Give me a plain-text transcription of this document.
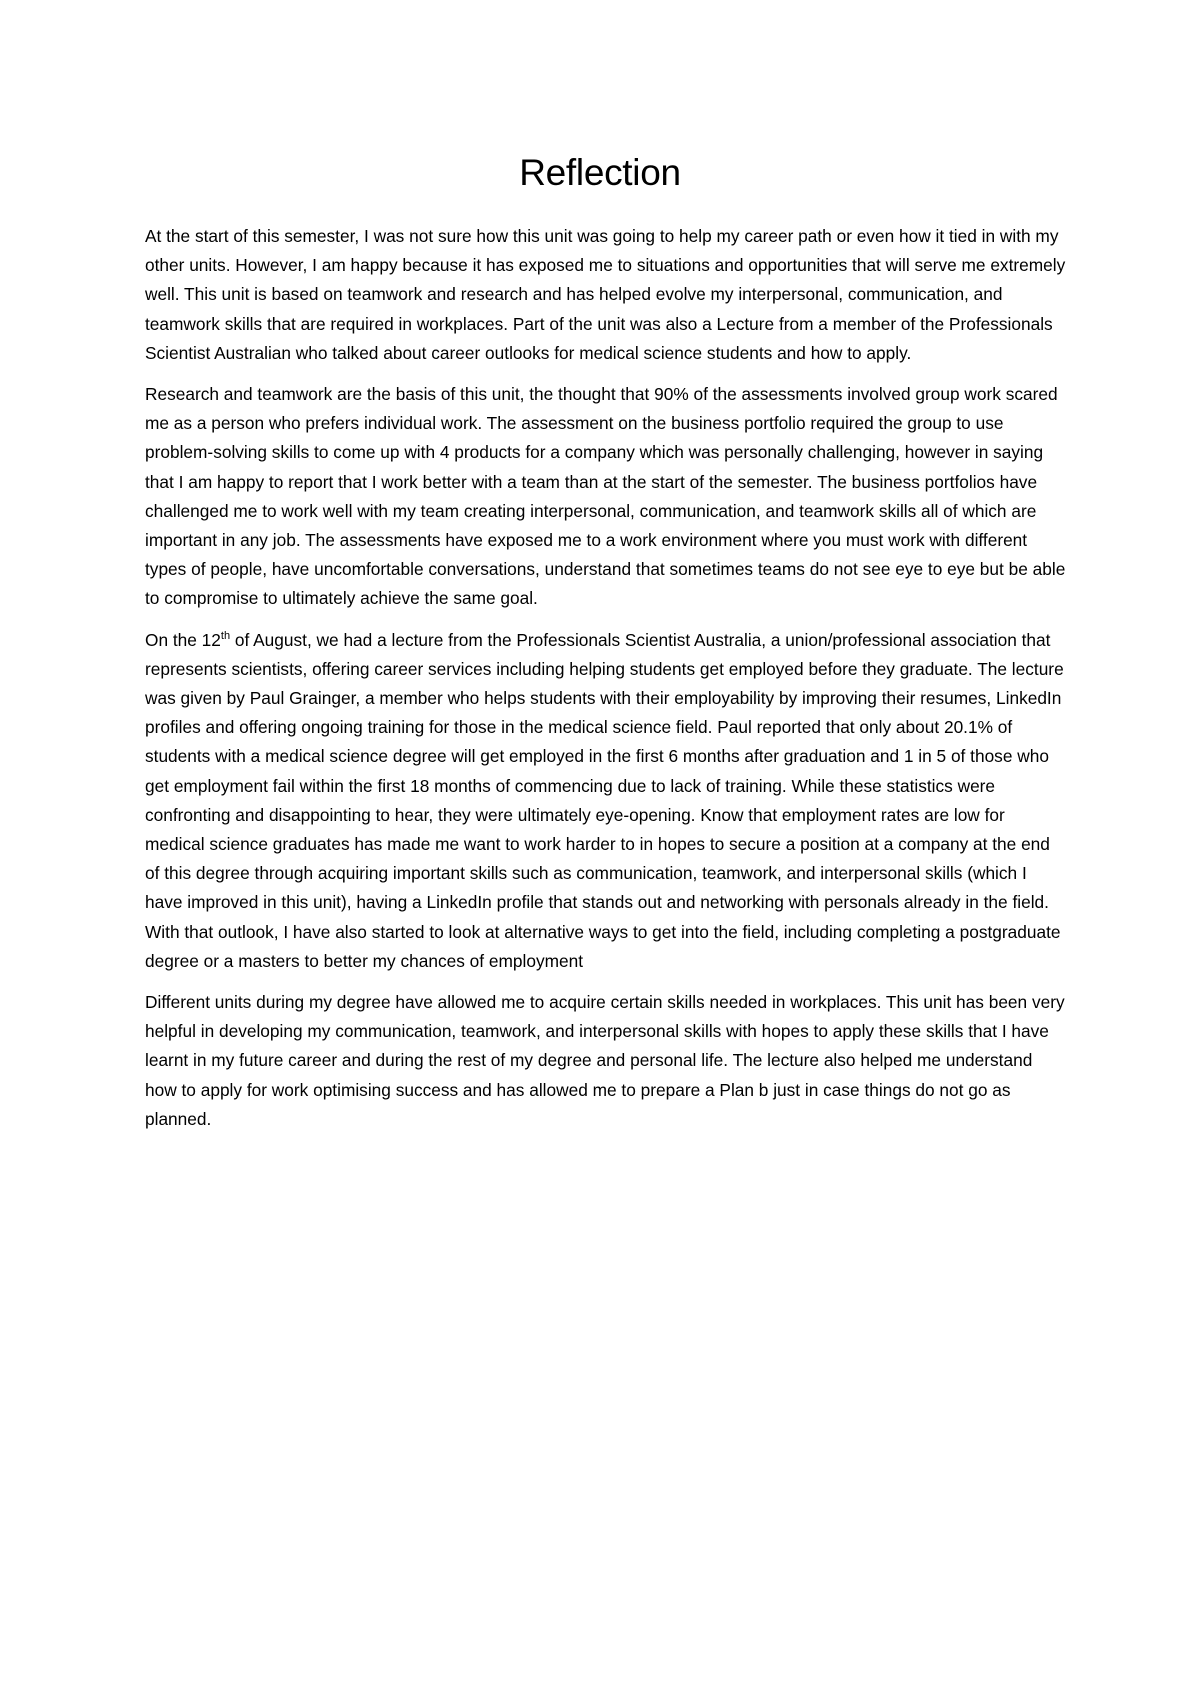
Reflection

At the start of this semester, I was not sure how this unit was going to help my career path or even how it tied in with my other units. However, I am happy because it has exposed me to situations and opportunities that will serve me extremely well. This unit is based on teamwork and research and has helped evolve my interpersonal, communication, and teamwork skills that are required in workplaces. Part of the unit was also a Lecture from a member of the Professionals Scientist Australian who talked about career outlooks for medical science students and how to apply.

Research and teamwork are the basis of this unit, the thought that 90% of the assessments involved group work scared me as a person who prefers individual work. The assessment on the business portfolio required the group to use problem-solving skills to come up with 4 products for a company which was personally challenging, however in saying that I am happy to report that I work better with a team than at the start of the semester. The business portfolios have challenged me to work well with my team creating interpersonal, communication, and teamwork skills all of which are important in any job. The assessments have exposed me to a work environment where you must work with different types of people, have uncomfortable conversations, understand that sometimes teams do not see eye to eye but be able to compromise to ultimately achieve the same goal.

On the 12th of August, we had a lecture from the Professionals Scientist Australia, a union/professional association that represents scientists, offering career services including helping students get employed before they graduate. The lecture was given by Paul Grainger, a member who helps students with their employability by improving their resumes, LinkedIn profiles and offering ongoing training for those in the medical science field. Paul reported that only about 20.1% of students with a medical science degree will get employed in the first 6 months after graduation and 1 in 5 of those who get employment fail within the first 18 months of commencing due to lack of training. While these statistics were confronting and disappointing to hear, they were ultimately eye-opening. Know that employment rates are low for medical science graduates has made me want to work harder to in hopes to secure a position at a company at the end of this degree through acquiring important skills such as communication, teamwork, and interpersonal skills (which I have improved in this unit), having a LinkedIn profile that stands out and networking with personals already in the field. With that outlook, I have also started to look at alternative ways to get into the field, including completing a postgraduate degree or a masters to better my chances of employment

Different units during my degree have allowed me to acquire certain skills needed in workplaces. This unit has been very helpful in developing my communication, teamwork, and interpersonal skills with hopes to apply these skills that I have learnt in my future career and during the rest of my degree and personal life. The lecture also helped me understand how to apply for work optimising success and has allowed me to prepare a Plan b just in case things do not go as planned.
